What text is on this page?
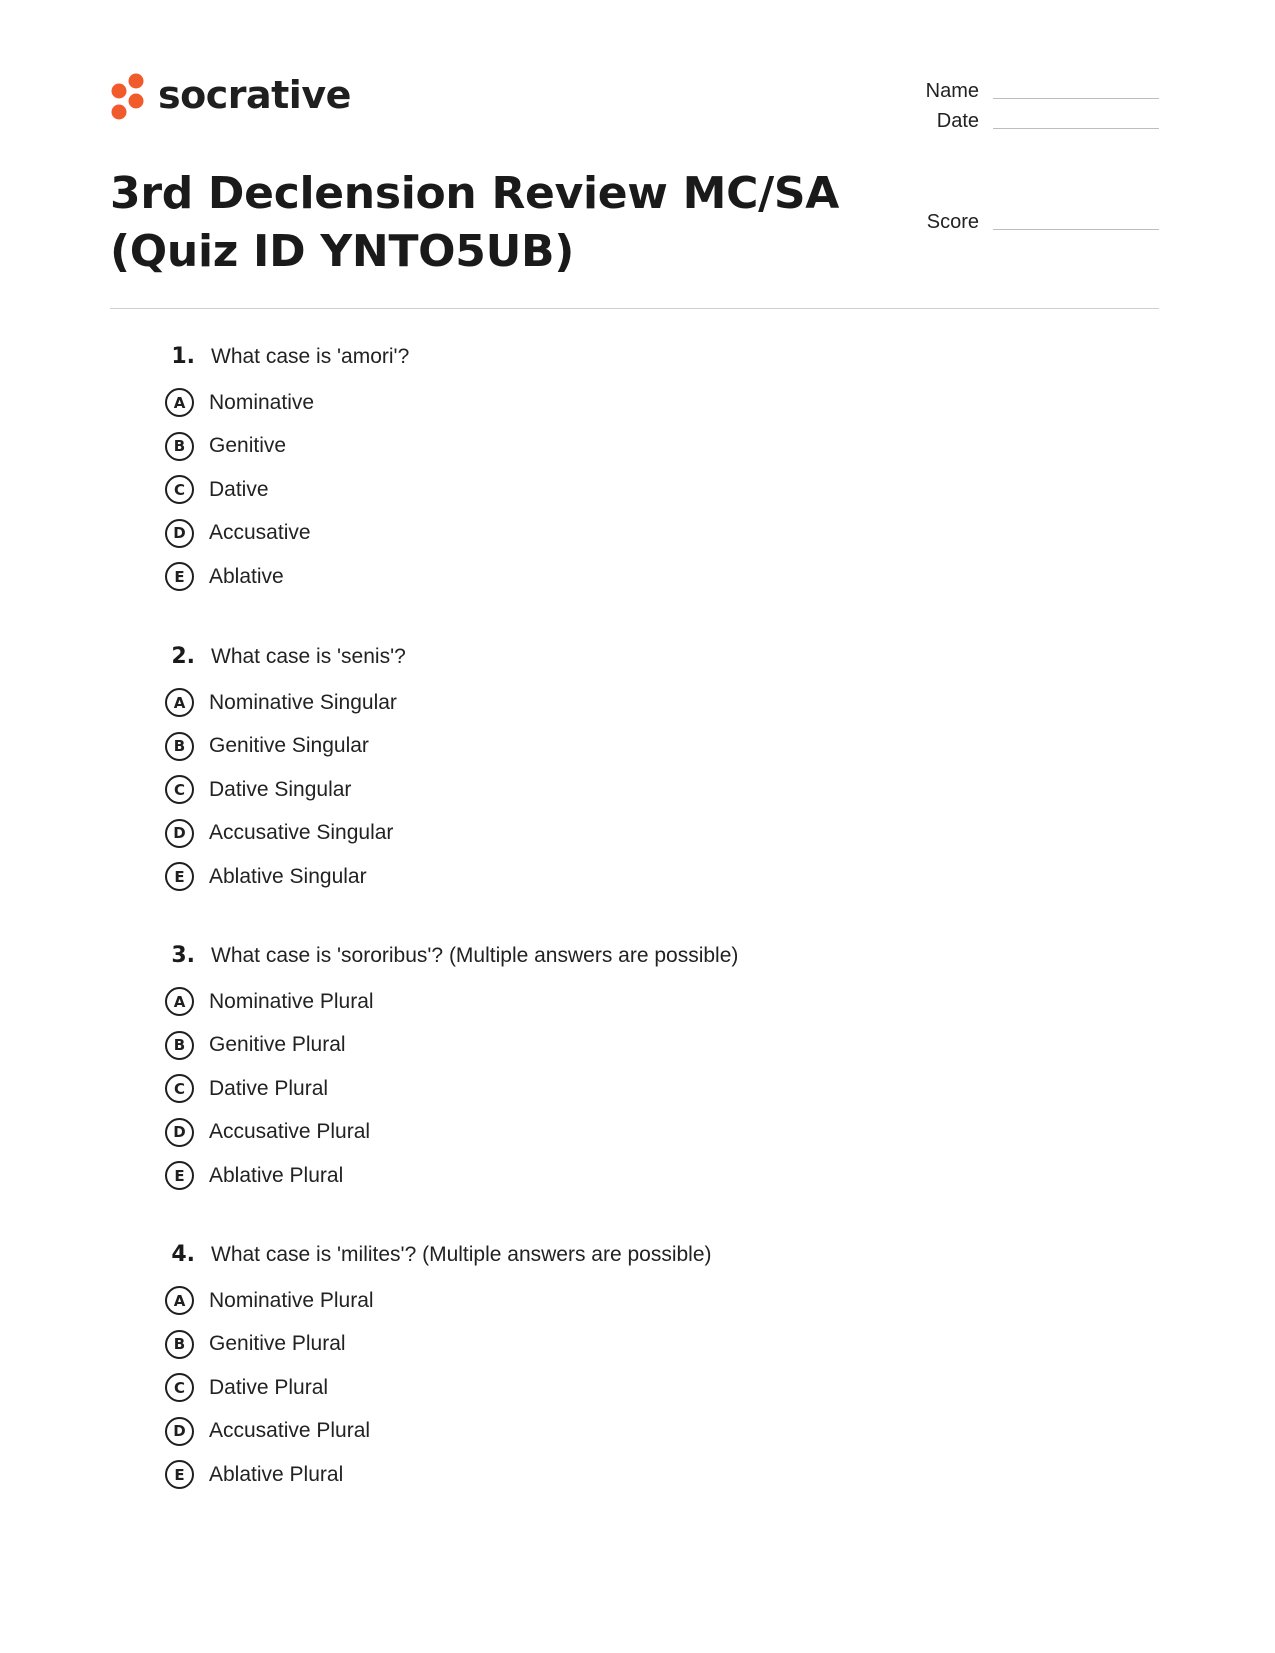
socrative
3rd Declension Review MC/SA (Quiz ID YNTO5UB)
Name
Date
Score
1. What case is 'amori'?
A	Nominative
B	Genitive
C	Dative
D	Accusative
E	Ablative
2. What case is 'senis'?
A	Nominative Singular
B	Genitive Singular
C	Dative Singular
D	Accusative Singular
E	Ablative Singular
3. What case is 'sororibus'? (Multiple answers are possible)
A	Nominative Plural
B	Genitive Plural
C	Dative Plural
D	Accusative Plural
E	Ablative Plural
4. What case is 'milites'? (Multiple answers are possible)
A	Nominative Plural
B	Genitive Plural
C	Dative Plural
D	Accusative Plural
E	Ablative Plural
